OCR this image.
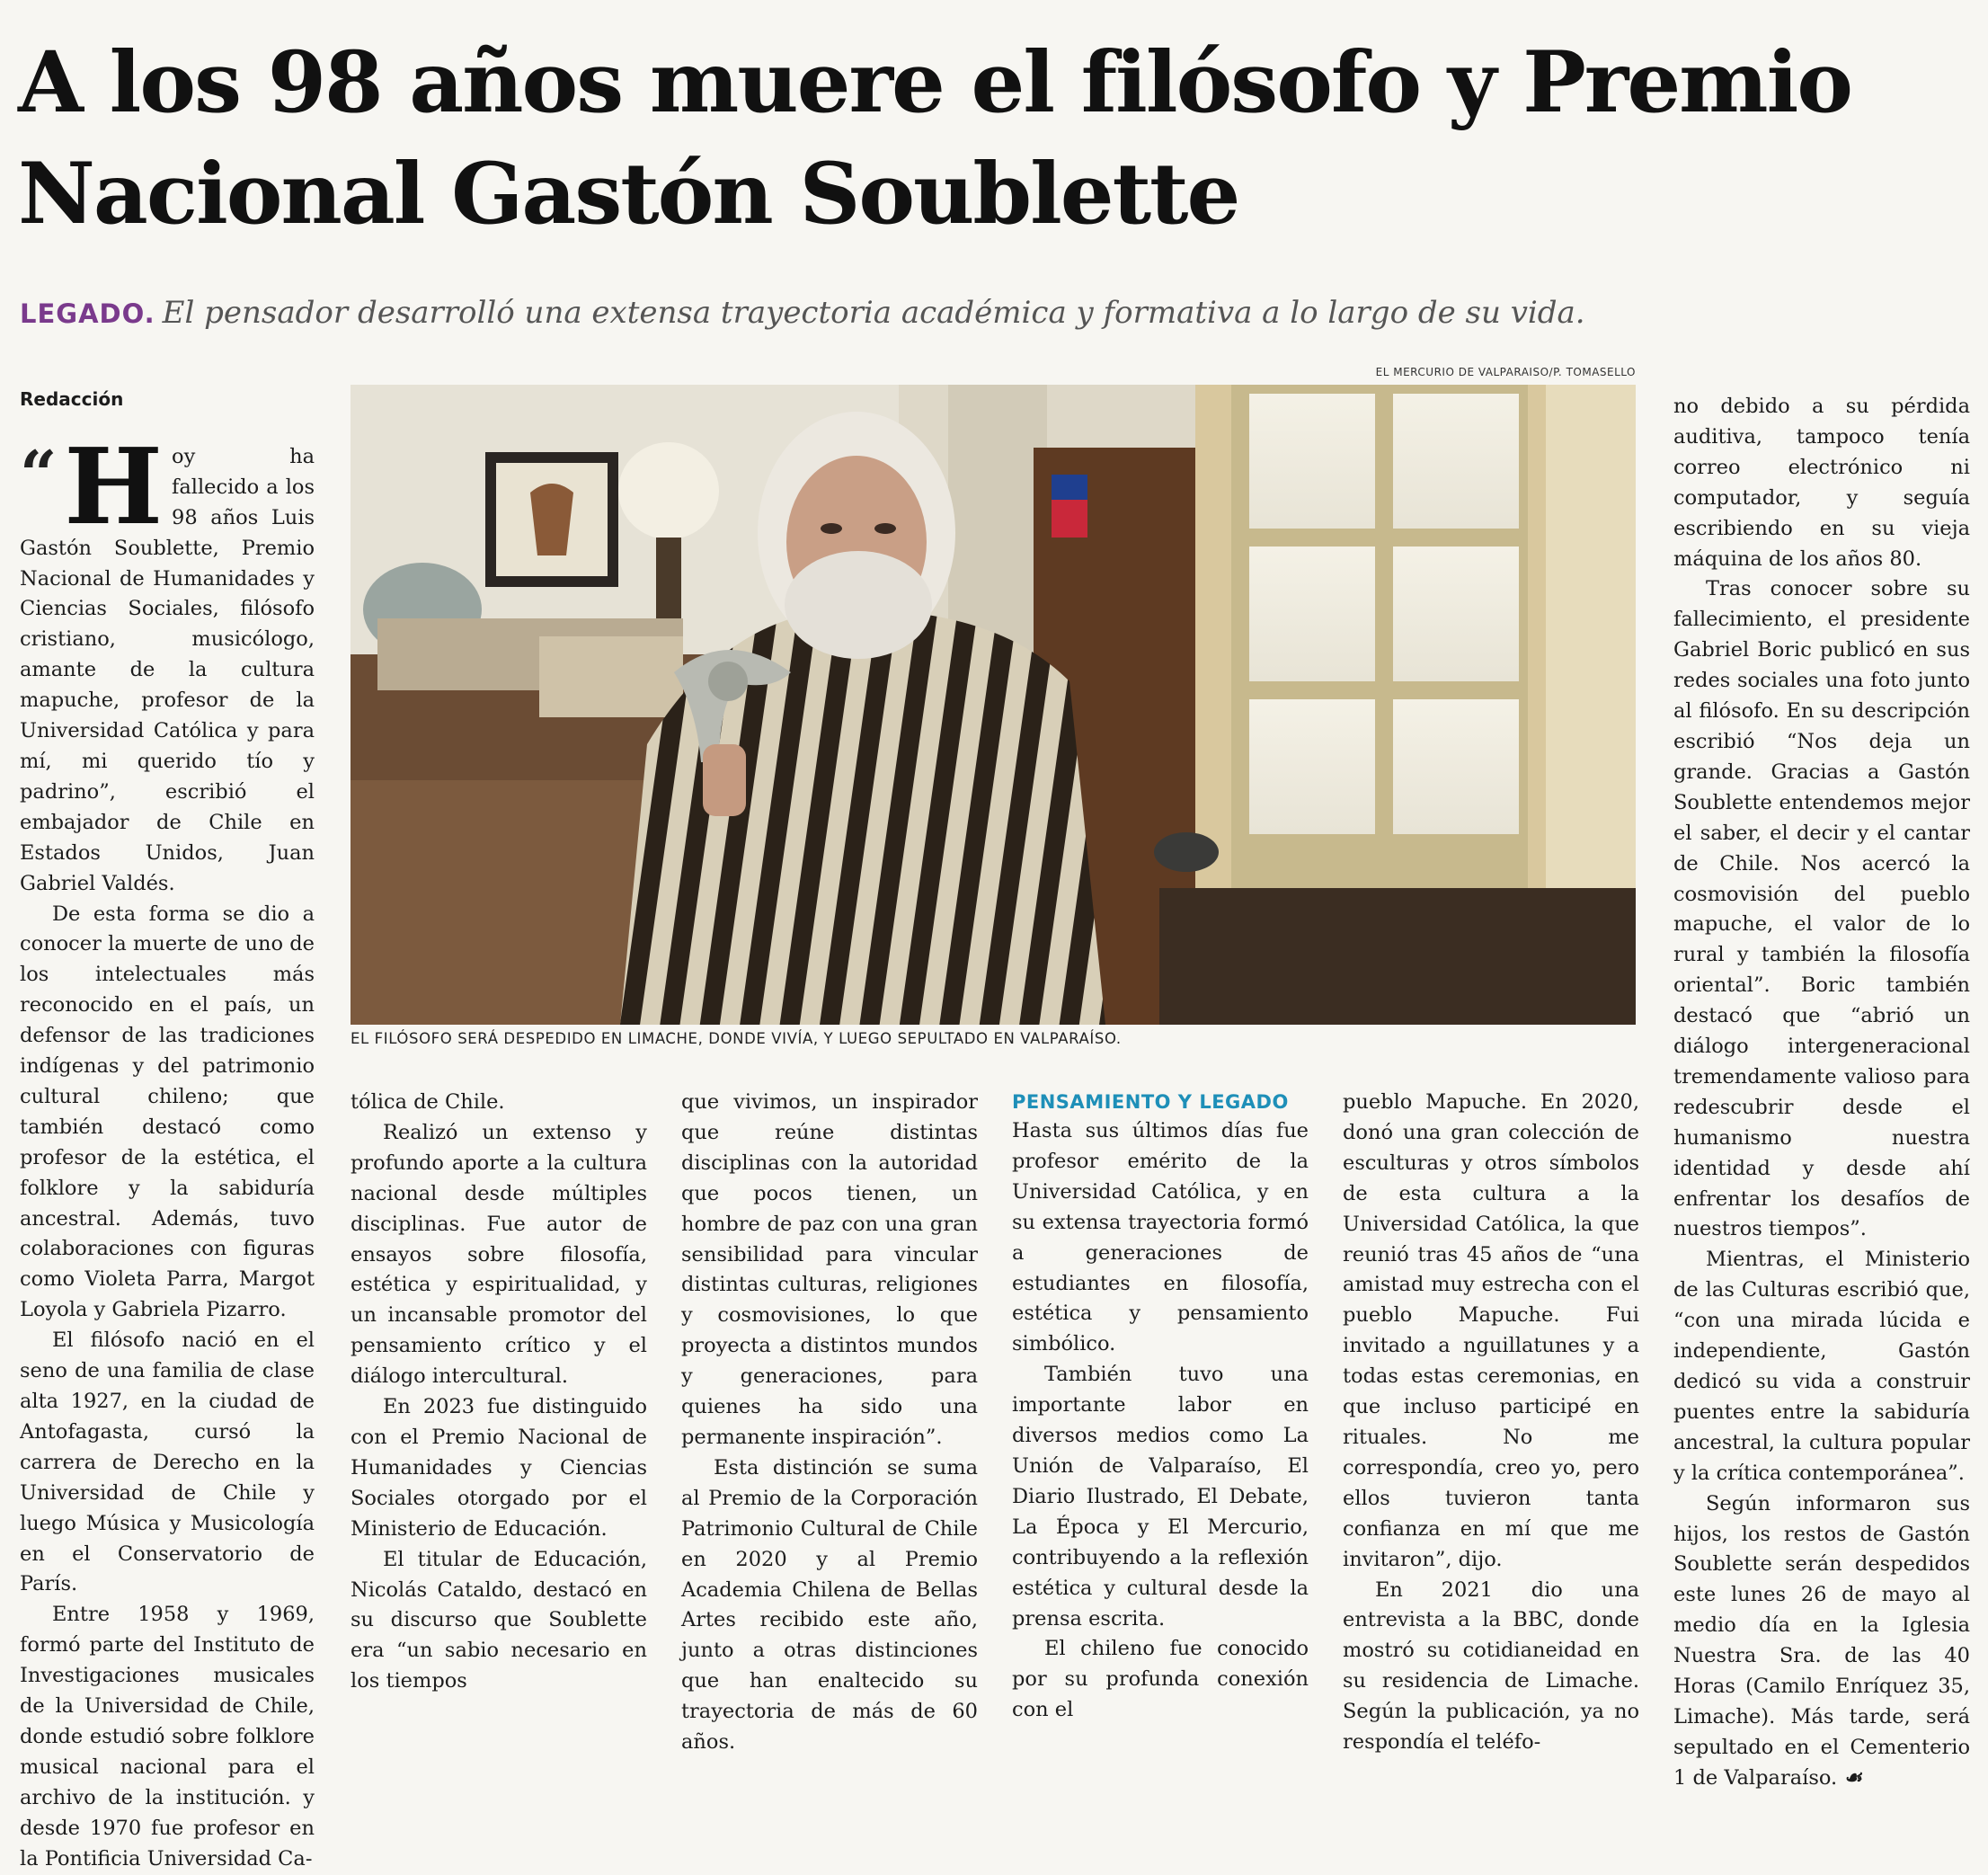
A los 98 años muere el filósofo y Premio Nacional Gastón Soublette
LEGADO. El pensador desarrolló una extensa trayectoria académica y formativa a lo largo de su vida.
EL MERCURIO DE VALPARAISO/P. TOMASELLO
EL FILÓSOFO SERÁ DESPEDIDO EN LIMACHE, DONDE VIVÍA, Y LUEGO SEPULTADO EN VALPARAÍSO.

Redacción

“ H oy ha fallecido a los 98 años Luis Gastón Soublette, Premio Nacional de Humanidades y Ciencias Sociales, filósofo cristiano, musicólogo, amante de la cultura mapuche, profesor de la Universidad Católica y para mí, mi querido tío y padrino”, escribió el embajador de Chile en Estados Unidos, Juan Gabriel Valdés.

De esta forma se dio a conocer la muerte de uno de los intelectuales más reconocido en el país, un defensor de las tradiciones indígenas y del patrimonio cultural chileno; que también destacó como profesor de la estética, el folklore y la sabiduría ancestral. Además, tuvo colaboraciones con figuras como Violeta Parra, Margot Loyola y Gabriela Pizarro.

El filósofo nació en el seno de una familia de clase alta 1927, en la ciudad de Antofagasta, cursó la carrera de Derecho en la Universidad de Chile y luego Música y Musicología en el Conservatorio de París.

Entre 1958 y 1969, formó parte del Instituto de Investigaciones musicales de la Universidad de Chile, donde estudió sobre folklore musical nacional para el archivo de la institución. y desde 1970 fue profesor en la Pontificia Universidad Ca-

tólica de Chile.

Realizó un extenso y profundo aporte a la cultura nacional desde múltiples disciplinas. Fue autor de ensayos sobre filosofía, estética y espiritualidad, y un incansable promotor del pensamiento crítico y el diálogo intercultural.

En 2023 fue distinguido con el Premio Nacional de Humanidades y Ciencias Sociales otorgado por el Ministerio de Educación.

El titular de Educación, Nicolás Cataldo, destacó en su discurso que Soublette era “un sabio necesario en los tiempos

que vivimos, un inspirador que reúne distintas disciplinas con la autoridad que pocos tienen, un hombre de paz con una gran sensibilidad para vincular distintas culturas, religiones y cosmovisiones, lo que proyecta a distintos mundos y generaciones, para quienes ha sido una permanente inspiración”.

Esta distinción se suma al Premio de la Corporación Patrimonio Cultural de Chile en 2020 y al Premio Academia Chilena de Bellas Artes recibido este año, junto a otras distinciones que han enaltecido su trayectoria de más de 60 años.

PENSAMIENTO Y LEGADO

Hasta sus últimos días fue profesor emérito de la Universidad Católica, y en su extensa trayectoria formó a generaciones de estudiantes en filosofía, estética y pensamiento simbólico.

También tuvo una importante labor en diversos medios como La Unión de Valparaíso, El Diario Ilustrado, El Debate, La Época y El Mercurio, contribuyendo a la reflexión estética y cultural desde la prensa escrita.

El chileno fue conocido por su profunda conexión con el

pueblo Mapuche. En 2020, donó una gran colección de esculturas y otros símbolos de esta cultura a la Universidad Católica, la que reunió tras 45 años de “una amistad muy estrecha con el pueblo Mapuche. Fui invitado a nguillatunes y a todas estas ceremonias, en que incluso participé en rituales. No me correspondía, creo yo, pero ellos tuvieron tanta confianza en mí que me invitaron”, dijo.

En 2021 dio una entrevista a la BBC, donde mostró su cotidianeidad en su residencia de Limache. Según la publicación, ya no respondía el teléfo-

no debido a su pérdida auditiva, tampoco tenía correo electrónico ni computador, y seguía escribiendo en su vieja máquina de los años 80.

Tras conocer sobre su fallecimiento, el presidente Gabriel Boric publicó en sus redes sociales una foto junto al filósofo. En su descripción escribió “Nos deja un grande. Gracias a Gastón Soublette entendemos mejor el saber, el decir y el cantar de Chile. Nos acercó la cosmovisión del pueblo mapuche, el valor de lo rural y también la filosofía oriental”. Boric también destacó que “abrió un diálogo intergeneracional tremendamente valioso para redescubrir desde el humanismo nuestra identidad y desde ahí enfrentar los desafíos de nuestros tiempos”.

Mientras, el Ministerio de las Culturas escribió que, “con una mirada lúcida e independiente, Gastón dedicó su vida a construir puentes entre la sabiduría ancestral, la cultura popular y la crítica contemporánea”.

Según informaron sus hijos, los restos de Gastón Soublette serán despedidos este lunes 26 de mayo al medio día en la Iglesia Nuestra Sra. de las 40 Horas (Camilo Enríquez 35, Limache). Más tarde, será sepultado en el Cementerio 1 de Valparaíso. ☙
